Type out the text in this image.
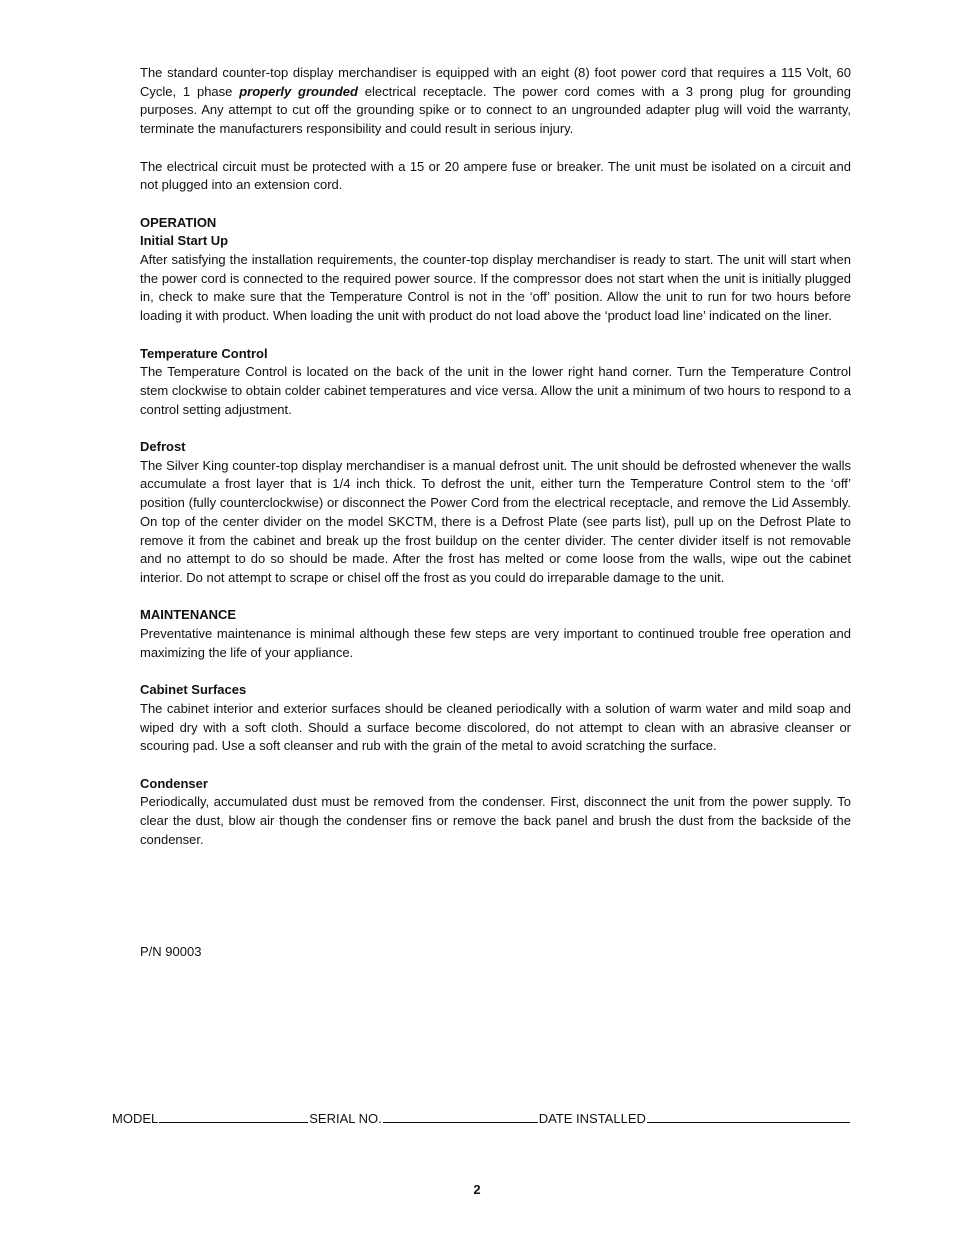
The standard counter-top display merchandiser is equipped with an eight (8) foot power cord that requires a 115 Volt, 60 Cycle, 1 phase properly grounded electrical receptacle. The power cord comes with a 3 prong plug for grounding purposes. Any attempt to cut off the grounding spike or to connect to an ungrounded adapter plug will void the warranty, terminate the manufacturers responsibility and could result in serious injury.

The electrical circuit must be protected with a 15 or 20 ampere fuse or breaker. The unit must be isolated on a circuit and not plugged into an extension cord.

OPERATION
Initial Start Up

After satisfying the installation requirements, the counter-top display merchandiser is ready to start. The unit will start when the power cord is connected to the required power source. If the compressor does not start when the unit is initially plugged in, check to make sure that the Temperature Control is not in the ‘off’ position. Allow the unit to run for two hours before loading it with product. When loading the unit with product do not load above the ‘product load line’ indicated on the liner.

Temperature Control

The Temperature Control is located on the back of the unit in the lower right hand corner. Turn the Temperature Control stem clockwise to obtain colder cabinet temperatures and vice versa. Allow the unit a minimum of two hours to respond to a control setting adjustment.

Defrost

The Silver King counter-top display merchandiser is a manual defrost unit. The unit should be defrosted whenever the walls accumulate a frost layer that is 1/4 inch thick. To defrost the unit, either turn the Temperature Control stem to the ‘off’ position (fully counterclockwise) or disconnect the Power Cord from the electrical receptacle, and remove the Lid Assembly. On top of the center divider on the model SKCTM, there is a Defrost Plate (see parts list), pull up on the Defrost Plate to remove it from the cabinet and break up the frost buildup on the center divider. The center divider itself is not removable and no attempt to do so should be made. After the frost has melted or come loose from the walls, wipe out the cabinet interior. Do not attempt to scrape or chisel off the frost as you could do irreparable damage to the unit.

MAINTENANCE

Preventative maintenance is minimal although these few steps are very important to continued trouble free operation and maximizing the life of your appliance.

Cabinet Surfaces

The cabinet interior and exterior surfaces should be cleaned periodically with a solution of warm water and mild soap and wiped dry with a soft cloth. Should a surface become discolored, do not attempt to clean with an abrasive cleanser or scouring pad. Use a soft cleanser and rub with the grain of the metal to avoid scratching the surface.

Condenser

Periodically, accumulated dust must be removed from the condenser. First, disconnect the unit from the power supply. To clear the dust, blow air though the condenser fins or remove the back panel and brush the dust from the backside of the condenser.

P/N 90003
MODEL	SERIAL NO.	DATE INSTALLED
2
